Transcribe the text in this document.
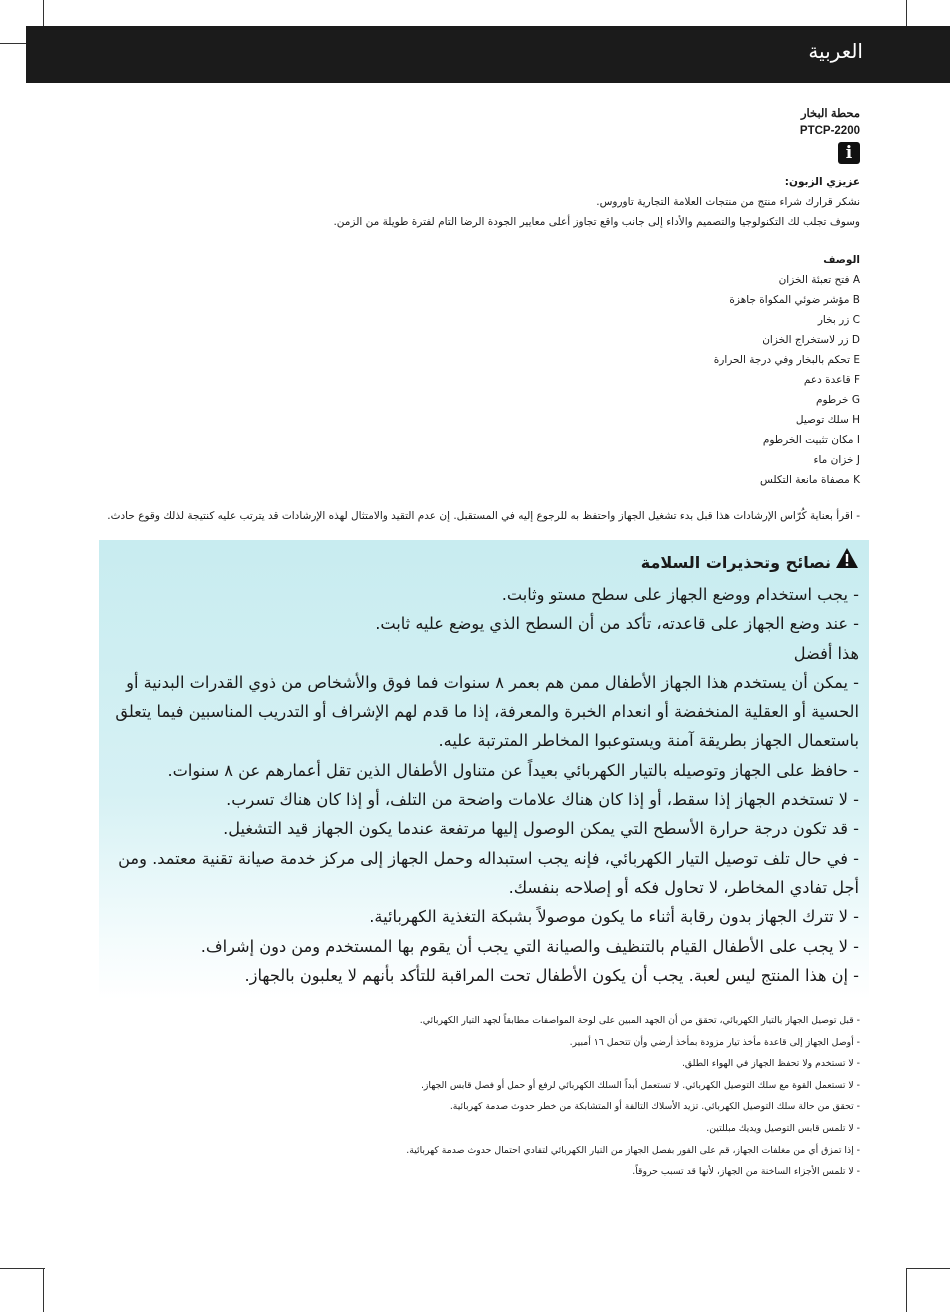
العربية
محطة البخار
PTCP-2200
i
عزيزي الزبون:
نشكر قرارك شراء منتج من منتجات العلامة التجارية تاوروس.
وسوف تجلب لك التكنولوجيا والتصميم والأداء إلى جانب واقع تجاوز أعلى معايير الجودة الرضا التام لفترة طويلة من الزمن.
الوصف
A فتح تعبئة الخزان
B مؤشر ضوئي المكواة جاهزة
C زر بخار
D زر لاستخراج الخزان
E تحكم بالبخار وفي درجة الحرارة
F قاعدة دعم
G خرطوم
H سلك توصيل
I مكان تثبيت الخرطوم
J خزان ماء
K مصفاة مانعة التكلس
- اقرأ بعناية كُرّاس الإرشادات هذا قبل بدء تشغيل الجهاز واحتفظ به للرجوع إليه في المستقبل. إن عدم التقيد والامتثال لهذه الإرشادات قد يترتب عليه كنتيجة لذلك وقوع حادث.
نصائح وتحذيرات السلامة
- يجب استخدام ووضع الجهاز على سطح مستو وثابت.
- عند وضع الجهاز على قاعدته، تأكد من أن السطح الذي يوضع عليه ثابت.
هذا أفضل
- يمكن أن يستخدم هذا الجهاز الأطفال ممن هم بعمر ٨ سنوات فما فوق والأشخاص من ذوي القدرات البدنية أو الحسية أو العقلية المنخفضة أو انعدام الخبرة والمعرفة، إذا ما قدم لهم الإشراف أو التدريب المناسبين فيما يتعلق باستعمال الجهاز بطريقة آمنة ويستوعبوا المخاطر المترتبة عليه.
- حافظ على الجهاز وتوصيله بالتيار الكهربائي بعيداً عن متناول الأطفال الذين تقل أعمارهم عن ٨ سنوات.
- لا تستخدم الجهاز إذا سقط، أو إذا كان هناك علامات واضحة من التلف، أو إذا كان هناك تسرب.
- قد تكون درجة حرارة الأسطح التي يمكن الوصول إليها مرتفعة عندما يكون الجهاز قيد التشغيل.
- في حال تلف توصيل التيار الكهربائي، فإنه يجب استبداله وحمل الجهاز إلى مركز خدمة صيانة تقنية معتمد. ومن أجل تفادي المخاطر، لا تحاول فكه أو إصلاحه بنفسك.
- لا تترك الجهاز بدون رقابة أثناء ما يكون موصولاً بشبكة التغذية الكهربائية.
- لا يجب على الأطفال القيام بالتنظيف والصيانة التي يجب أن يقوم بها المستخدم ومن دون إشراف.
- إن هذا المنتج ليس لعبة. يجب أن يكون الأطفال تحت المراقبة للتأكد بأنهم لا يعلبون بالجهاز.
- قبل توصيل الجهاز بالتيار الكهربائي، تحقق من أن الجهد المبين على لوحة المواصفات مطابقاً لجهد التيار الكهربائي.
- أوصل الجهاز إلى قاعدة مأخذ تيار مزودة بمأخذ أرضي وأن تتحمل ١٦ أمبير.
- لا تستخدم ولا تحفظ الجهاز في الهواء الطلق.
- لا تستعمل القوة مع سلك التوصيل الكهربائي. لا تستعمل أبداً السلك الكهربائي لرفع أو حمل أو فصل قابس الجهاز.
- تحقق من حالة سلك التوصيل الكهربائي. تزيد الأسلاك التالفة أو المتشابكة من خطر حدوث صدمة كهربائية.
- لا تلمس قابس التوصيل ويديك مبللتين.
- إذا تمزق أي من مغلفات الجهاز، قم على الفور بفصل الجهاز من التيار الكهربائي لتفادي احتمال حدوث صدمة كهربائية.
- لا تلمس الأجزاء الساخنة من الجهاز، لأنها قد تسبب حروقاً.
